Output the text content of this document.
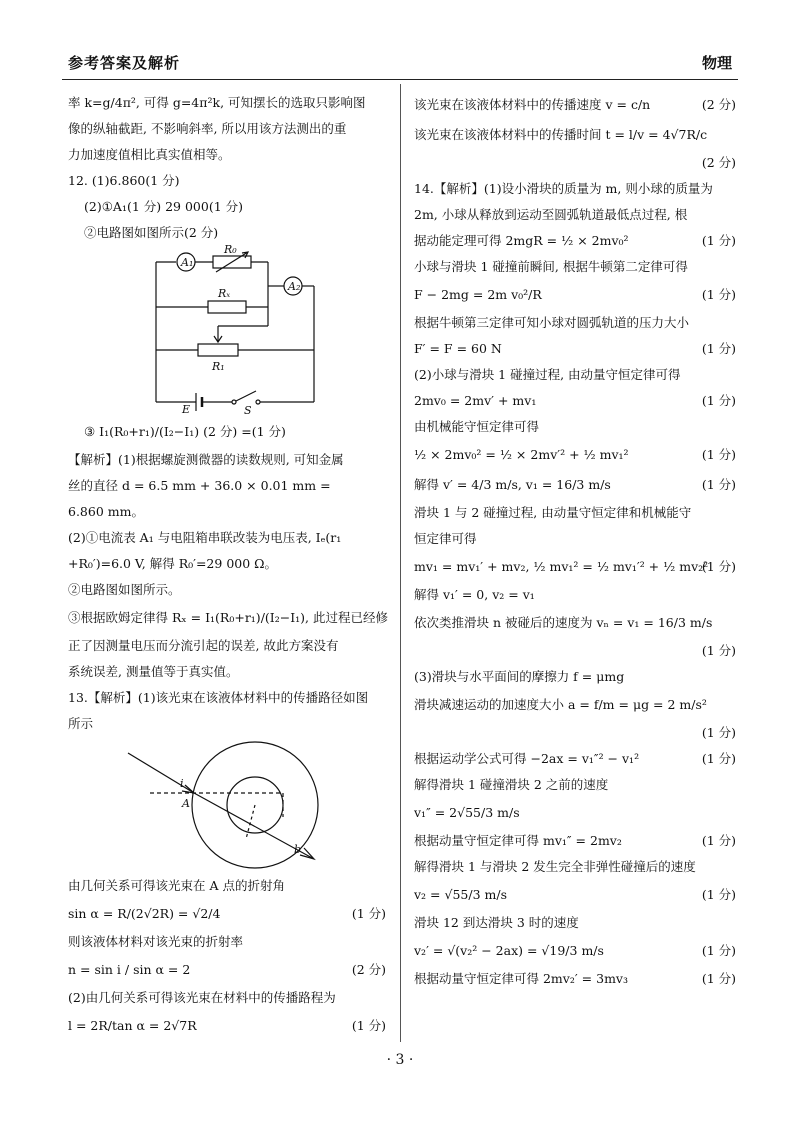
参考答案及解析	物理
率 k=g/4π², 可得 g=4π²k, 可知摆长的选取只影响图
像的纵轴截距, 不影响斜率, 所以用该方法测出的重
力加速度值相比真实值相等。
12. (1)6.860(1 分)
(2)①A₁(1 分) 29 000(1 分)
②电路图如图所示(2 分)
A₁
A₂
R₀
Rₓ
R₁
E	S
③ I₁(R₀+r₁)/(I₂−I₁) (2 分) =(1 分)
【解析】(1)根据螺旋测微器的读数规则, 可知金属
丝的直径 d = 6.5 mm + 36.0 × 0.01 mm =
6.860 mm。
(2)①电流表 A₁ 与电阻箱串联改装为电压表, Iₑ(r₁
+R₀′)=6.0 V, 解得 R₀′=29 000 Ω。
②电路图如图所示。
③根据欧姆定律得 Rₓ = I₁(R₀+r₁)/(I₂−I₁), 此过程已经修
正了因测量电压而分流引起的误差, 故此方案没有
系统误差, 测量值等于真实值。
13.【解析】(1)该光束在该液体材料中的传播路径如图
所示
i
A
b
由几何关系可得该光束在 A 点的折射角
sin α = R/(2√2R) = √2/4	(1 分)
则该液体材料对该光束的折射率
n = sin i / sin α = 2	(2 分)
(2)由几何关系可得该光束在材料中的传播路程为
l = 2R/tan α = 2√7R	(1 分)
该光束在该液体材料中的传播速度 v = c/n	(2 分)
该光束在该液体材料中的传播时间 t = l/v = 4√7R/c
(2 分)
14.【解析】(1)设小滑块的质量为 m, 则小球的质量为
2m, 小球从释放到运动至圆弧轨道最低点过程, 根
据动能定理可得 2mgR = ½ × 2mv₀²	(1 分)
小球与滑块 1 碰撞前瞬间, 根据牛顿第二定律可得
F − 2mg = 2m v₀²/R	(1 分)
根据牛顿第三定律可知小球对圆弧轨道的压力大小
F′ = F = 60 N	(1 分)
(2)小球与滑块 1 碰撞过程, 由动量守恒定律可得
2mv₀ = 2mv′ + mv₁	(1 分)
由机械能守恒定律可得
½ × 2mv₀² = ½ × 2mv′² + ½ mv₁²	(1 分)
解得 v′ = 4/3 m/s, v₁ = 16/3 m/s	(1 分)
滑块 1 与 2 碰撞过程, 由动量守恒定律和机械能守
恒定律可得
mv₁ = mv₁′ + mv₂, ½ mv₁² = ½ mv₁′² + ½ mv₂²
(1 分)
解得 v₁′ = 0, v₂ = v₁
依次类推滑块 n 被碰后的速度为 vₙ = v₁ = 16/3 m/s
(1 分)
(3)滑块与水平面间的摩擦力 f = μmg
滑块减速运动的加速度大小 a = f/m = μg = 2 m/s²
(1 分)
根据运动学公式可得 −2ax = v₁″² − v₁²	(1 分)
解得滑块 1 碰撞滑块 2 之前的速度
v₁″ = 2√55/3 m/s
根据动量守恒定律可得 mv₁″ = 2mv₂	(1 分)
解得滑块 1 与滑块 2 发生完全非弹性碰撞后的速度
v₂ = √55/3 m/s	(1 分)
滑块 12 到达滑块 3 时的速度
v₂′ = √(v₂² − 2ax) = √19/3 m/s	(1 分)
根据动量守恒定律可得 2mv₂′ = 3mv₃	(1 分)
· 3 ·
